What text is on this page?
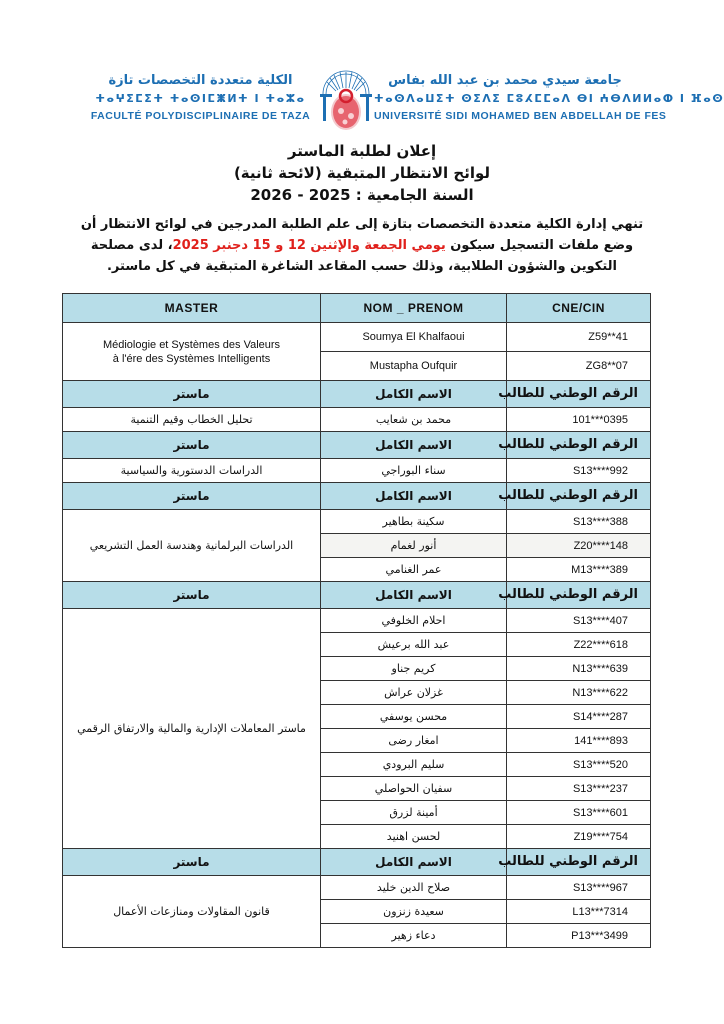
الكلية متعددة التخصصات تازة
ⵜⴰⵖⵉⵎⵉⵜ ⵜⴰⵙⵏⵎⵥⵍⵜ ⵏ ⵜⴰⵣⴰ
FACULTÉ POLYDISCIPLINAIRE DE TAZA
جامعة سيدي محمد بن عبد الله بفاس
ⵜⴰⵙⴷⴰⵡⵉⵜ ⵙⵉⴷⵉ ⵎⵓⵃⵎⵎⴰⴷ ⴱⵏ ⵄⴱⴷⵍⵍⴰⵀ ⵏ ⴼⴰⵙ
UNIVERSITÉ SIDI MOHAMED BEN ABDELLAH DE FES
إعلان لطلبة الماستر
لوائح الانتظار المتبقية (لائحة ثانية)
السنة الجامعية : 2025 - 2026
تنهي إدارة الكلية متعددة التخصصات بتازة إلى علم الطلبة المدرجين في لوائح الانتظار أن وضع ملفات التسجيل سيكون يومي الجمعة والإثنين 12 و 15 دجنبر 2025، لدى مصلحة التكوين والشؤون الطلابية، وذلك حسب المقاعد الشاغرة المتبقية في كل ماستر.
MASTER	NOM _ PRENOM	CNE/CIN

Médiologie et Systèmes des Valeurs
à l'ére des Systèmes Intelligents	Soumya El Khalfaoui	Z59**41
	Mustapha Oufquir	ZG8**07
ماستر	الاسم الكامل	الرقم الوطني للطالب
تحليل الخطاب وقيم التنمية	محمد بن شعايب	101***0395
ماستر	الاسم الكامل	الرقم الوطني للطالب
الدراسات الدستورية والسياسية	سناء البوراجي	S13****992
ماستر	الاسم الكامل	الرقم الوطني للطالب
الدراسات البرلمانية وهندسة العمل التشريعي	سكينة بطاهير	S13****388
	أنور لغمام	Z20****148
	عمر الغنامي	M13****389
ماستر	الاسم الكامل	الرقم الوطني للطالب
ماستر المعاملات الإدارية والمالية والارتفاق الرقمي	احلام الخلوفي	S13****407
	عبد الله برعيش	Z22****618
	كريم جناو	N13****639
	غزلان عراش	N13****622
	محسن يوسفي	S14****287
	امغار رضى	141****893
	سليم البرودي	S13****520
	سفيان الحواصلي	S13****237
	أمينة لزرق	S13****601
	لحسن اهنيد	Z19****754
ماستر	الاسم الكامل	الرقم الوطني للطالب
قانون المقاولات ومنازعات الأعمال	صلاح الدين خليد	S13****967
	سعيدة زنزون	L13***7314
	دعاء زهير	P13***3499
